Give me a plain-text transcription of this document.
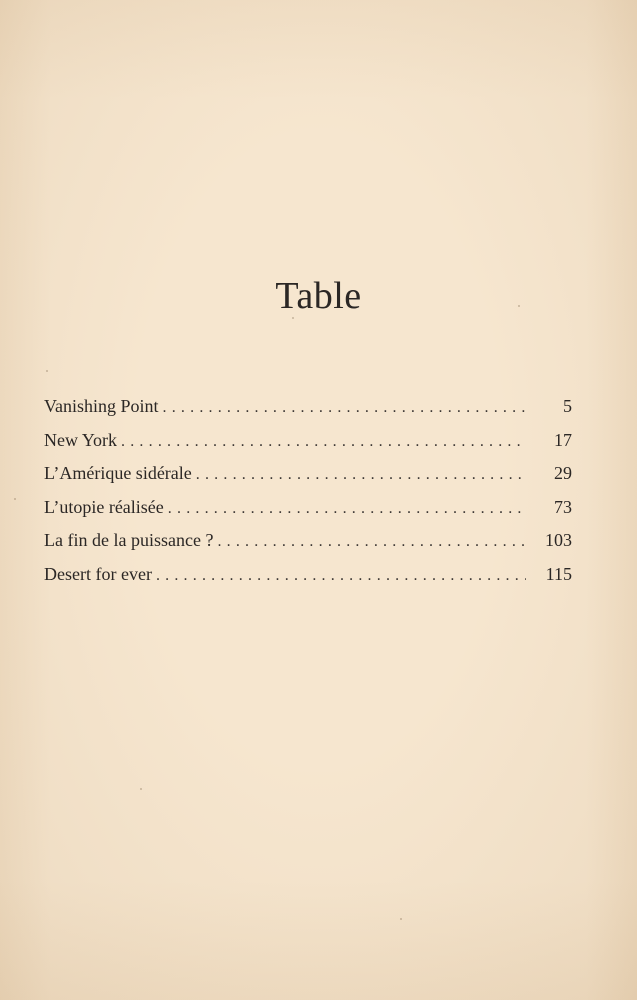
Table
Vanishing Point . . .	5
New York . . .	17
L’Amérique sidérale . . .	29
L’utopie réalisée . . .	73
La fin de la puissance ? . . .	103
Desert for ever . . .	115
